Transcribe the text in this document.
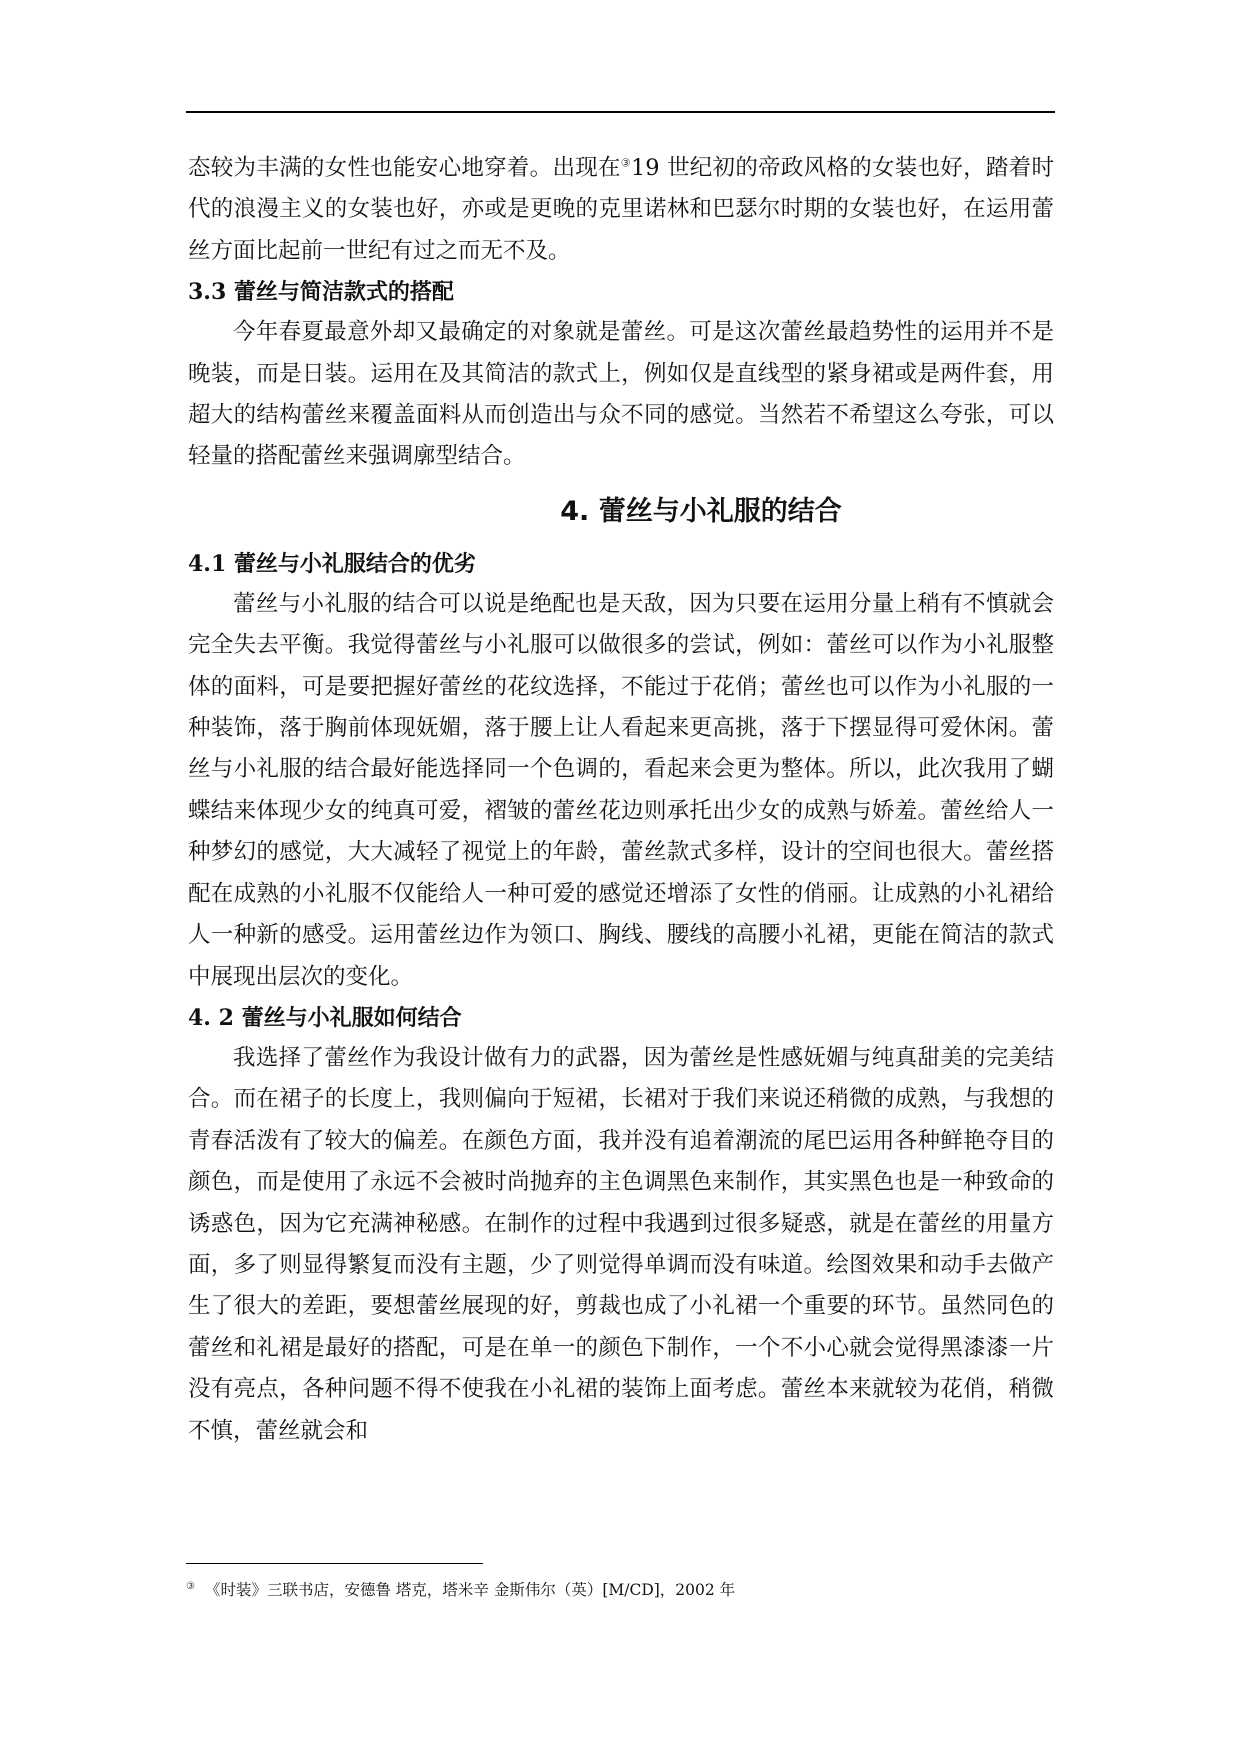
态较为丰满的女性也能安心地穿着。出现在③19 世纪初的帝政风格的女装也好，踏着时代的浪漫主义的女装也好，亦或是更晚的克里诺林和巴瑟尔时期的女装也好，在运用蕾丝方面比起前一世纪有过之而无不及。

3.3 蕾丝与简洁款式的搭配

今年春夏最意外却又最确定的对象就是蕾丝。可是这次蕾丝最趋势性的运用并不是晚装，而是日装。运用在及其简洁的款式上，例如仅是直线型的紧身裙或是两件套，用超大的结构蕾丝来覆盖面料从而创造出与众不同的感觉。当然若不希望这么夸张，可以轻量的搭配蕾丝来强调廓型结合。

4. 蕾丝与小礼服的结合
4.1 蕾丝与小礼服结合的优劣

蕾丝与小礼服的结合可以说是绝配也是天敌，因为只要在运用分量上稍有不慎就会完全失去平衡。我觉得蕾丝与小礼服可以做很多的尝试，例如：蕾丝可以作为小礼服整体的面料，可是要把握好蕾丝的花纹选择，不能过于花俏；蕾丝也可以作为小礼服的一种装饰，落于胸前体现妩媚，落于腰上让人看起来更高挑，落于下摆显得可爱休闲。蕾丝与小礼服的结合最好能选择同一个色调的，看起来会更为整体。所以，此次我用了蝴蝶结来体现少女的纯真可爱，褶皱的蕾丝花边则承托出少女的成熟与娇羞。蕾丝给人一种梦幻的感觉，大大减轻了视觉上的年龄，蕾丝款式多样，设计的空间也很大。蕾丝搭配在成熟的小礼服不仅能给人一种可爱的感觉还增添了女性的俏丽。让成熟的小礼裙给人一种新的感受。运用蕾丝边作为领口、胸线、腰线的高腰小礼裙，更能在简洁的款式中展现出层次的变化。

4. 2 蕾丝与小礼服如何结合

我选择了蕾丝作为我设计做有力的武器，因为蕾丝是性感妩媚与纯真甜美的完美结合。而在裙子的长度上，我则偏向于短裙，长裙对于我们来说还稍微的成熟，与我想的青春活泼有了较大的偏差。在颜色方面，我并没有追着潮流的尾巴运用各种鲜艳夺目的颜色，而是使用了永远不会被时尚抛弃的主色调黑色来制作，其实黑色也是一种致命的诱惑色，因为它充满神秘感。在制作的过程中我遇到过很多疑惑，就是在蕾丝的用量方面，多了则显得繁复而没有主题，少了则觉得单调而没有味道。绘图效果和动手去做产生了很大的差距，要想蕾丝展现的好，剪裁也成了小礼裙一个重要的环节。虽然同色的蕾丝和礼裙是最好的搭配，可是在单一的颜色下制作，一个不小心就会觉得黑漆漆一片没有亮点，各种问题不得不使我在小礼裙的装饰上面考虑。蕾丝本来就较为花俏，稍微不慎，蕾丝就会和

③ 《时装》三联书店，安德鲁 塔克，塔米辛 金斯伟尔（英）[M/CD]，2002 年
